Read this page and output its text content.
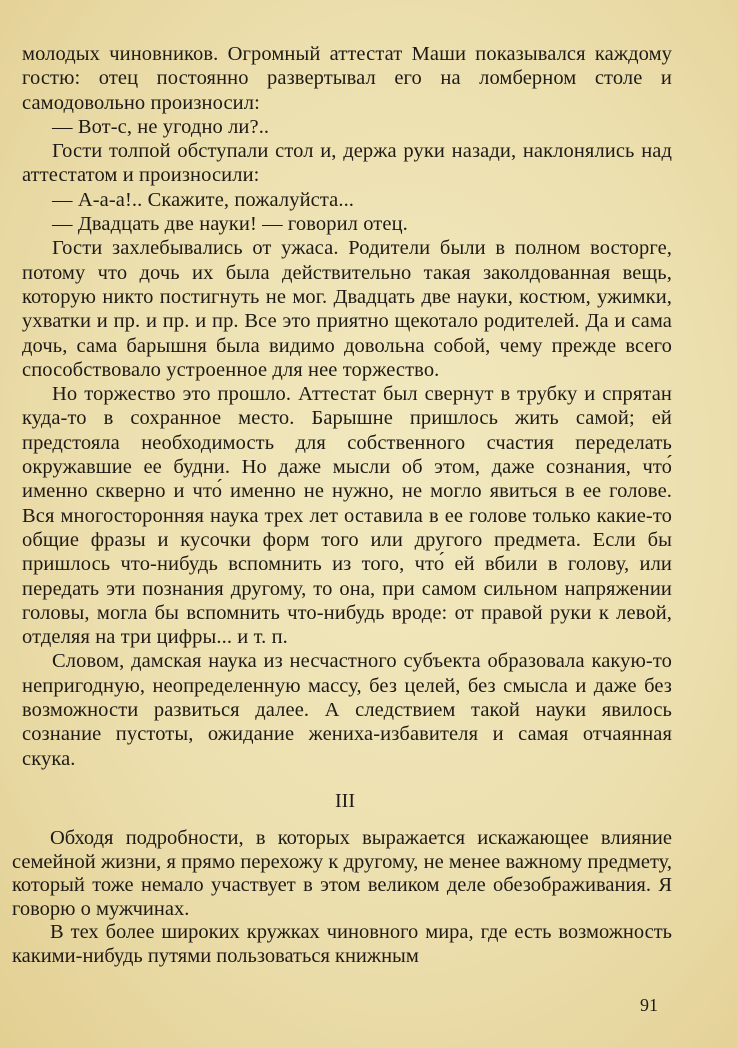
молодых чиновников. Огромный аттестат Маши показывался каждому гостю: отец постоянно развертывал его на ломберном столе и самодовольно произносил:

— Вот-с, не угодно ли?..

Гости толпой обступали стол и, держа руки назади, наклонялись над аттестатом и произносили:

— А-а-а!.. Скажите, пожалуйста...

— Двадцать две науки! — говорил отец.

Гости захлебывались от ужаса. Родители были в полном восторге, потому что дочь их была действительно такая заколдованная вещь, которую никто постигнуть не мог. Двадцать две науки, костюм, ужимки, ухватки и пр. и пр. и пр. Все это приятно щекотало родителей. Да и сама дочь, сама барышня была видимо довольна собой, чему прежде всего способствовало устроенное для нее торжество.

Но торжество это прошло. Аттестат был свернут в трубку и спрятан куда-то в сохранное место. Барышне пришлось жить самой; ей предстояла необходимость для собственного счастия переделать окружавшие ее будни. Но даже мысли об этом, даже сознания, что́ именно скверно и что́ именно не нужно, не могло явиться в ее голове. Вся многосторонняя наука трех лет оставила в ее голове только какие-то общие фразы и кусочки форм того или другого предмета. Если бы пришлось что-нибудь вспомнить из того, что́ ей вбили в голову, или передать эти познания другому, то она, при самом сильном напряжении головы, могла бы вспомнить что-нибудь вроде: от правой руки к левой, отделяя на три цифры... и т. п.

Словом, дамская наука из несчастного субъекта образовала какую-то непригодную, неопределенную массу, без целей, без смысла и даже без возможности развиться далее. А следствием такой науки явилось сознание пустоты, ожидание жениха-избавителя и самая отчаянная скука.

III

Обходя подробности, в которых выражается искажающее влияние семейной жизни, я прямо перехожу к другому, не менее важному предмету, который тоже немало участвует в этом великом деле обезображивания. Я говорю о мужчинах.

В тех более широких кружках чиновного мира, где есть возможность какими-нибудь путями пользоваться книжным

91
